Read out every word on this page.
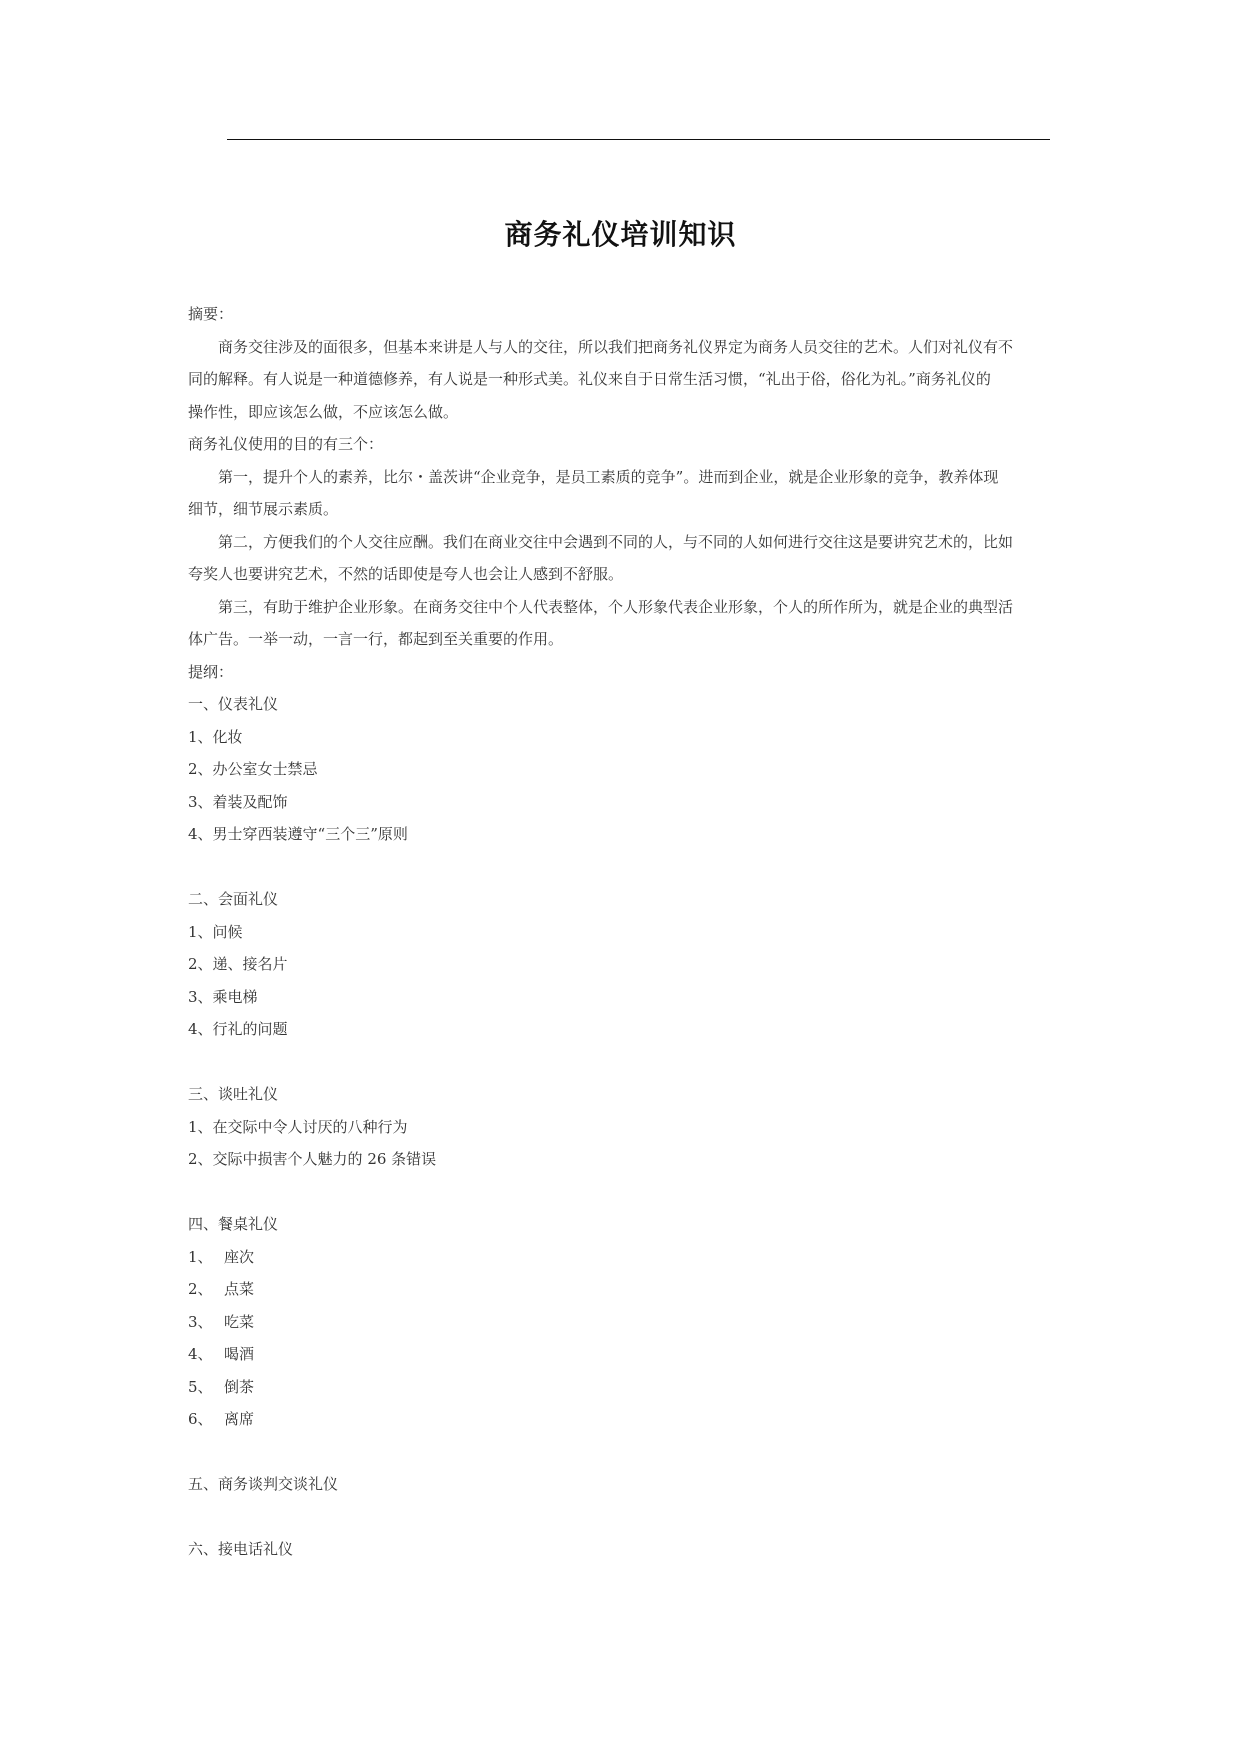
商务礼仪培训知识
摘要：
商务交往涉及的面很多，但基本来讲是人与人的交往，所以我们把商务礼仪界定为商务人员交往的艺术。人们对礼仪有不
同的解释。有人说是一种道德修养，有人说是一种形式美。礼仪来自于日常生活习惯，“礼出于俗，俗化为礼。”商务礼仪的
操作性，即应该怎么做，不应该怎么做。
商务礼仪使用的目的有三个：
第一，提升个人的素养，比尔・盖茨讲“企业竞争，是员工素质的竞争”。进而到企业，就是企业形象的竞争，教养体现
细节，细节展示素质。
第二，方便我们的个人交往应酬。我们在商业交往中会遇到不同的人，与不同的人如何进行交往这是要讲究艺术的，比如
夸奖人也要讲究艺术，不然的话即使是夸人也会让人感到不舒服。
第三，有助于维护企业形象。在商务交往中个人代表整体，个人形象代表企业形象，个人的所作所为，就是企业的典型活
体广告。一举一动，一言一行，都起到至关重要的作用。
提纲：
一、仪表礼仪
1、化妆
2、办公室女士禁忌
3、着装及配饰
4、男士穿西装遵守“三个三”原则
二、会面礼仪
1、问候
2、递、接名片
3、乘电梯
4、行礼的问题
三、谈吐礼仪
1、在交际中令人讨厌的八种行为
2、交际中损害个人魅力的 26 条错误
四、餐桌礼仪
1、 座次
2、 点菜
3、 吃菜
4、 喝酒
5、 倒茶
6、 离席
五、商务谈判交谈礼仪
六、接电话礼仪
